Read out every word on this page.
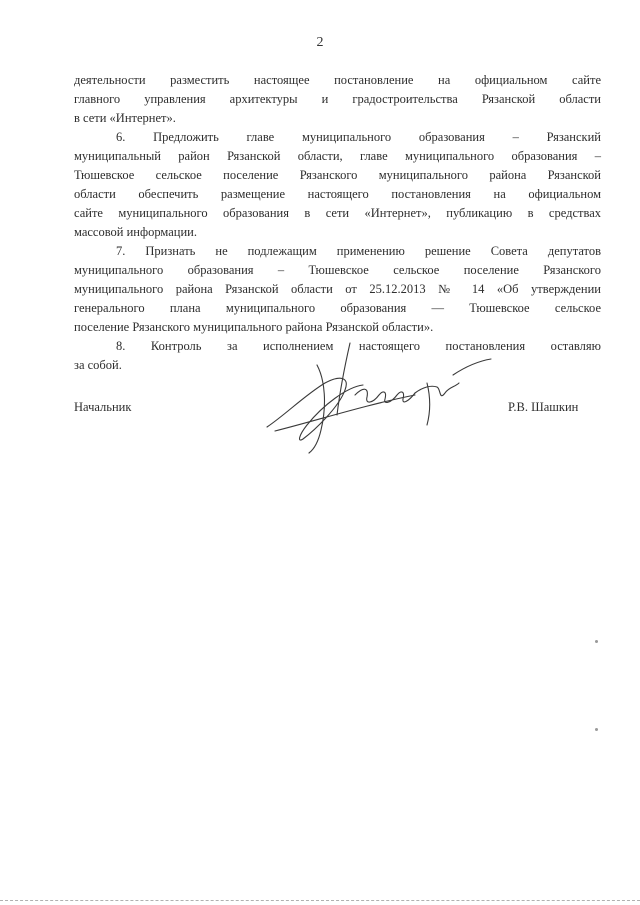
2
деятельности разместить настоящее постановление на официальном сайте
главного управления архитектуры и градостроительства Рязанской области
в сети «Интернет».
6. Предложить главе муниципального образования – Рязанский
муниципальный район Рязанской области, главе муниципального образования –
Тюшевское сельское поселение Рязанского муниципального района Рязанской
области обеспечить размещение настоящего постановления на официальном
сайте муниципального образования в сети «Интернет», публикацию в средствах
массовой информации.
7. Признать не подлежащим применению решение Совета депутатов
муниципального образования – Тюшевское сельское поселение Рязанского
муниципального района Рязанской области от 25.12.2013 № 14 «Об утверждении
генерального плана муниципального образования — Тюшевское сельское
поселение Рязанского муниципального района Рязанской области».
8. Контроль за исполнением настоящего постановления оставляю
за собой.
Начальник	Р.В. Шашкин
